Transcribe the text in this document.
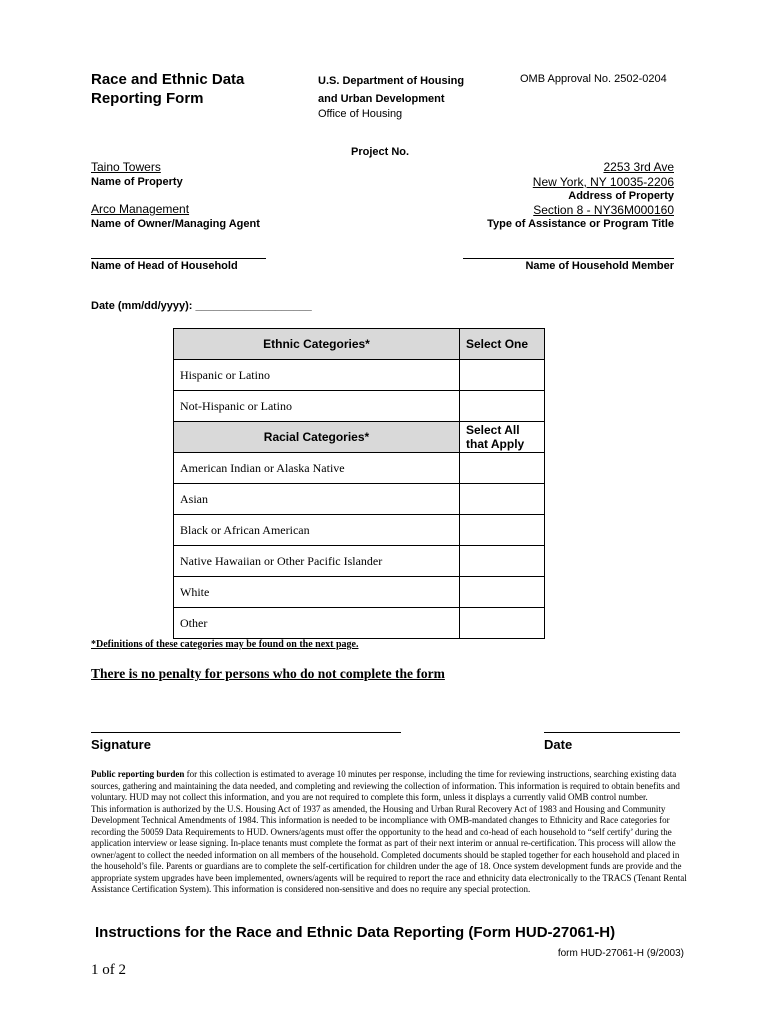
Race and Ethnic Data
Reporting Form
U.S. Department of Housing
and Urban Development
Office of Housing
OMB Approval No. 2502-0204
Project No.
Taino Towers
Name of Property
Arco Management
Name of Owner/Managing Agent
2253 3rd Ave
New York, NY 10035-2206
Address of Property
Section 8 - NY36M000160
Type of Assistance or Program Title
Name of Head of Household	Name of Household Member
Date (mm/dd/yyyy): ___________________
Ethnic Categories*	Select One
Hispanic or Latino	
Not-Hispanic or Latino	
Racial Categories*	Select All
that Apply

American Indian or Alaska Native	
Asian	
Black or African American	
Native Hawaiian or Other Pacific Islander	
White	
Other	
*Definitions of these categories may be found on the next page.
There is no penalty for persons who do not complete the form
Signature	Date
Public reporting burden for this collection is estimated to average 10 minutes per response, including the time for reviewing instructions, searching existing data sources, gathering and maintaining the data needed, and completing and reviewing the collection of information. This information is required to obtain benefits and voluntary. HUD may not collect this information, and you are not required to complete this form, unless it displays a currently valid OMB control number.
This information is authorized by the U.S. Housing Act of 1937 as amended, the Housing and Urban Rural Recovery Act of 1983 and Housing and Community Development Technical Amendments of 1984. This information is needed to be incompliance with OMB-mandated changes to Ethnicity and Race categories for recording the 50059 Data Requirements to HUD. Owners/agents must offer the opportunity to the head and co-head of each household to “self certify’ during the application interview or lease signing. In-place tenants must complete the format as part of their next interim or annual re-certification. This process will allow the owner/agent to collect the needed information on all members of the household. Completed documents should be stapled together for each household and placed in the household’s file. Parents or guardians are to complete the self-certification for children under the age of 18. Once system development funds are provide and the appropriate system upgrades have been implemented, owners/agents will be required to report the race and ethnicity data electronically to the TRACS (Tenant Rental Assistance Certification System). This information is considered non-sensitive and does no require any special protection.
Instructions for the Race and Ethnic Data Reporting (Form HUD-27061-H)
form HUD-27061-H (9/2003)
1 of 2
